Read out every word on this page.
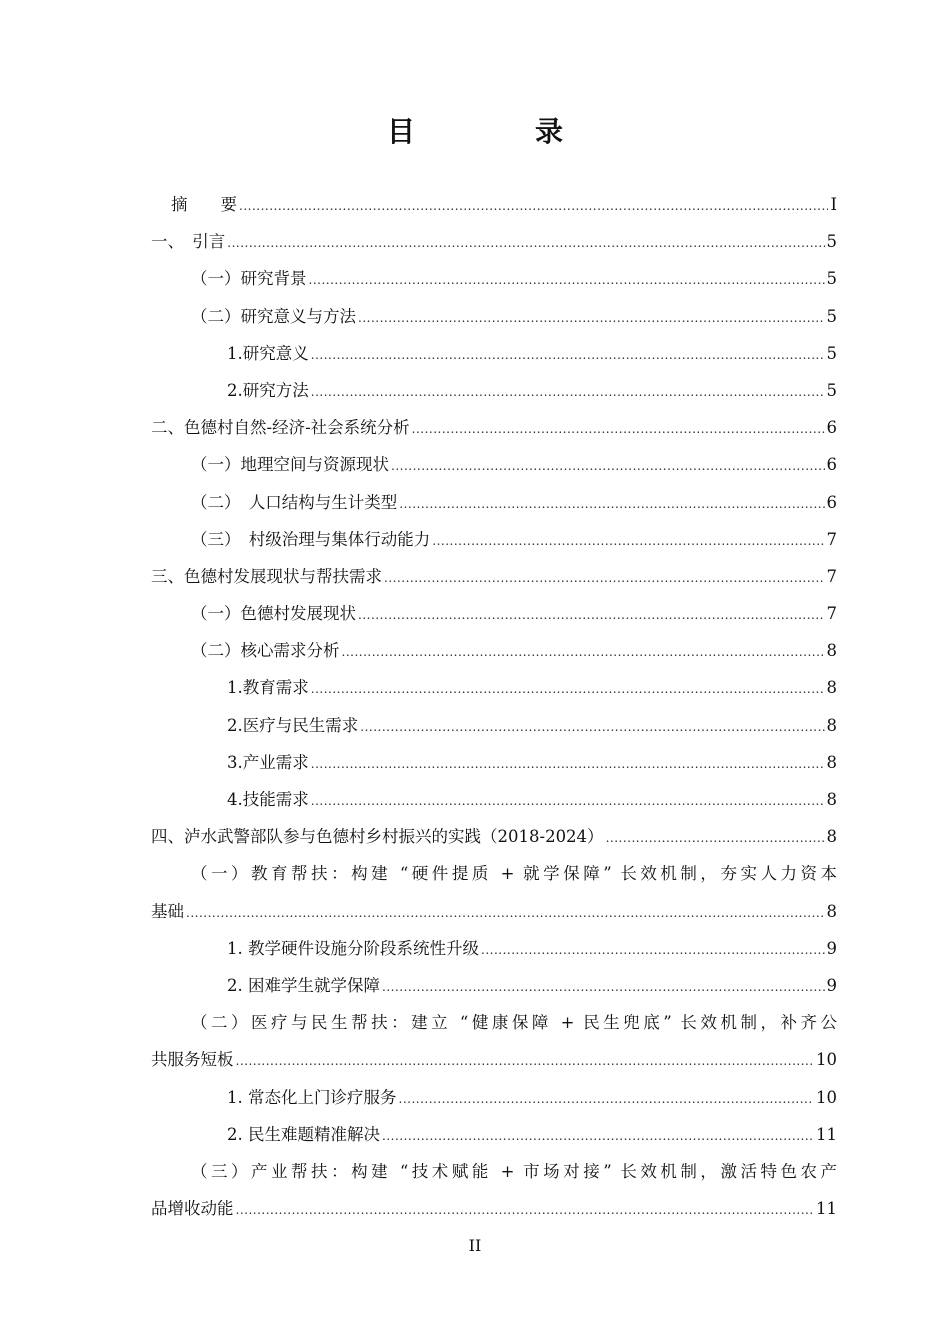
目　录
摘　　要 .....	I
一、　引言 .....	5
（一）研究背景 .....	5
（二）研究意义与方法 .....	5
1.研究意义 .....	5
2.研究方法 .....	5
二、色德村自然-经济-社会系统分析 .....	6
（一）地理空间与资源现状 .....	6
（二）　人口结构与生计类型 .....	6
（三）　村级治理与集体行动能力 .....	7
三、色德村发展现状与帮扶需求 .....	7
（一）色德村发展现状 .....	7
（二）核心需求分析 .....	8
1.教育需求 .....	8
2.医疗与民生需求 .....	8
3.产业需求 .....	8
4.技能需求 .....	8
四、泸水武警部队参与色德村乡村振兴的实践（2018-2024） .....	8
（一）教育帮扶：构建 “硬件提质 + 就学保障” 长效机制，夯实人力资本
基础 .....	8
1. 教学硬件设施分阶段系统性升级 .....	9
2. 困难学生就学保障 .....	9
（二）医疗与民生帮扶：建立 “健康保障 + 民生兜底” 长效机制，补齐公
共服务短板 .....	10
1. 常态化上门诊疗服务 .....	10
2. 民生难题精准解决 .....	11
（三）产业帮扶：构建 “技术赋能 + 市场对接” 长效机制，激活特色农产
品增收动能 .....	11
II
